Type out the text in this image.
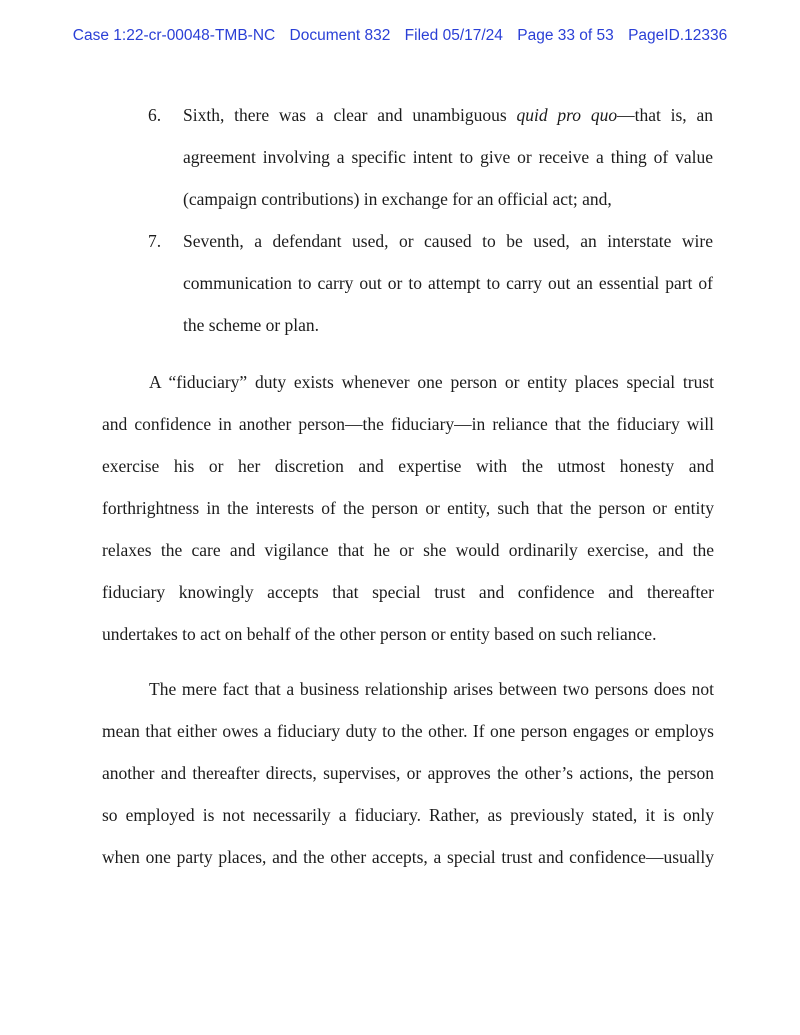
Case 1:22-cr-00048-TMB-NC Document 832 Filed 05/17/24 Page 33 of 53 PageID.12336
6. Sixth, there was a clear and unambiguous quid pro quo—that is, an
agreement involving a specific intent to give or receive a thing of value
(campaign contributions) in exchange for an official act; and,
7. Seventh, a defendant used, or caused to be used, an interstate wire
communication to carry out or to attempt to carry out an essential part of
the scheme or plan.
A “fiduciary” duty exists whenever one person or entity places special trust
and confidence in another person—the fiduciary—in reliance that the fiduciary will
exercise his or her discretion and expertise with the utmost honesty and
forthrightness in the interests of the person or entity, such that the person or entity
relaxes the care and vigilance that he or she would ordinarily exercise, and the
fiduciary knowingly accepts that special trust and confidence and thereafter
undertakes to act on behalf of the other person or entity based on such reliance.
The mere fact that a business relationship arises between two persons does not
mean that either owes a fiduciary duty to the other. If one person engages or employs
another and thereafter directs, supervises, or approves the other’s actions, the person
so employed is not necessarily a fiduciary. Rather, as previously stated, it is only
when one party places, and the other accepts, a special trust and confidence—usually
